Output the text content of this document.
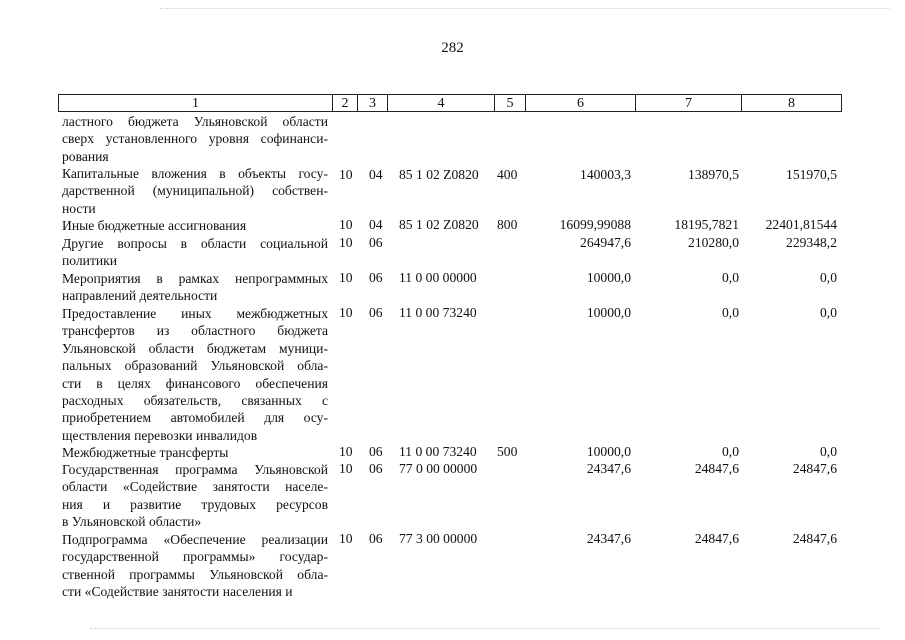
282
1	2	3	4	5	6	7	8
ластного бюджета Ульяновской области
сверх установленного уровня софинанси-
рования
Капитальные вложения в объекты госу-
дарственной (муниципальной) собствен-
ности
10 04 85 1 02 Z0820 400	140003,3	138970,5	151970,5
Иные бюджетные ассигнования	10 04 85 1 02 Z0820 800	16099,99088	18195,7821 22401,81544
Другие вопросы в области социальной
политики
10 06	264947,6	210280,0	229348,2
Мероприятия в рамках непрограммных
направлений деятельности
10 06 11 0 00 00000	10000,0	0,0	0,0
Предоставление иных межбюджетных
трансфертов из областного бюджета
Ульяновской области бюджетам муници-
пальных образований Ульяновской обла-
сти в целях финансового обеспечения
расходных обязательств, связанных с
приобретением автомобилей для осу-
ществления перевозки инвалидов
10 06 11 0 00 73240	10000,0	0,0	0,0
Межбюджетные трансферты	10 06 11 0 00 73240 500	10000,0	0,0	0,0
Государственная программа Ульяновской
области «Содействие занятости населе-
ния и развитие трудовых ресурсов
в Ульяновской области»
10 06 77 0 00 00000	24347,6	24847,6	24847,6
Подпрограмма «Обеспечение реализации
государственной программы» государ-
ственной программы Ульяновской обла-
сти «Содействие занятости населения и
10 06 77 3 00 00000	24347,6	24847,6	24847,6
